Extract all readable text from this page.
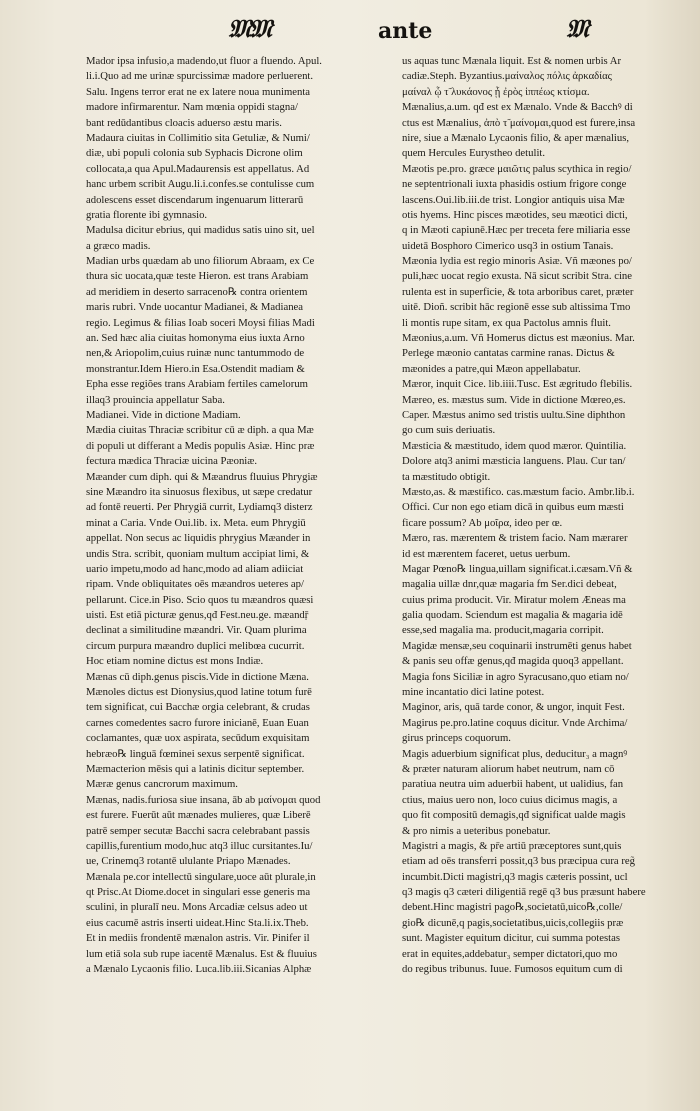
𝔐𝔐	ante	𝔐
Mador ipsa infusio,a madendo,ut fluor a fluendo. Apul.
li.i.Quo ad me urinæ spurcissimæ madore perluerent.
Salu. Ingens terror erat ne ex latere noua munimenta
madore infirmarentur. Nam mœnia oppidi stagna/
bant redūdantibus cloacis aduerso æstu maris.
Madaura ciuitas in Collimitio sita Getuliæ, & Numi/
diæ, ubi populi colonia sub Syphacis Dicrone olim
collocata,a qua Apul.Madaurensis est appellatus. Ad
hanc urbem scribit Augu.li.i.confes.se contulisse cum
adolescens esset discendarum ingenuarum litterarū
gratia florente ibi gymnasio.
Madulsa dicitur ebrius, qui madidus satis uino sit, uel
a græco madis.
Madian urbs quædam ab uno filiorum Abraam, ex Ce
thura sic uocata,quæ teste Hieron. est trans Arabiam
ad meridiem in deserto sarraceno℞ contra orientem
maris rubri. Vnde uocantur Madianei, & Madianea
regio. Legimus & filias Ioab soceri Moysi filias Madi
an. Sed hæc alia ciuitas homonyma eius iuxta Arno
nen,& Ariopolim,cuius ruinæ nunc tantummodo de
monstrantur.Idem Hiero.in Esa.Ostendit madiam &
Epha esse regiões trans Arabiam fertiles camelorum
illaq3 prouincia appellatur Saba.
Madianei. Vide in dictione Madiam.
Mædia ciuitas Thraciæ scribitur cū æ diph. a qua Mæ
di populi ut differant a Medis populis Asiæ. Hinc præ
fectura mædica Thraciæ uicina Pæoniæ.
Mæander cum diph. qui & Mæandrus fluuius Phrygiæ
sine Mæandro ita sinuosus flexibus, ut sæpe credatur
ad fontē reuerti. Per Phrygiā currit, Lydiamq3 disterz
minat a Caria. Vnde Oui.lib. ix. Meta. eum Phrygiū
appellat. Non secus ac liquidis phrygius Mæander in
undis Stra. scribit, quoniam multum accipiat limi, &
uario impetu,modo ad hanc,modo ad aliam adiiciat
ripam. Vnde obliquitates oēs mæandros ueteres ap/
pellarunt. Cice.in Piso. Scio quos tu mæandros quæsi
uisti. Est etiā picturæ genus,qđ Fest.neu.ge. mæandṝ
declinat a similitudine mæandri. Vir. Quam plurima
circum purpura mæandro duplici melibœa cucurrit.
Hoc etiam nomine dictus est mons Indiæ.
Mænas cū diph.genus piscis.Vide in dictione Mæna.
Mænoles dictus est Dionysius,quod latine totum furē
tem significat, cui Bacchæ orgia celebrant, & crudas
carnes comedentes sacro furore inicianē, Euan Euan
coclamantes, quæ uox aspirata, secūdum exquisitam
hebræo℞ linguā fœminei sexus serpentē significat.
Mæmacterion mēsis qui a latinis dicitur september.
Mæræ genus cancrorum maximum.
Mænas, nadis.furiosa siue insana, āb ab μαίνομαι quod
est furere. Fuerūt aūt mænades mulieres, quæ Liberē
patrē semper secutæ Bacchi sacra celebrabant passis
capillis,furentium modo,huc atq3 illuc cursitantes.Iu/
ue, Crinemq3 rotantē ululante Priapo Mænades.
Mænala pe.cor intellectū singulare,uoce aūt plurale,in
qt Prisc.At Diome.docet in singulari esse generis ma
sculini, in pluralī neu. Mons Arcadiæ celsus adeo ut
eius cacumē astris inserti uideat.Hinc Sta.li.ix.Theb.
Et in mediis frondentē mænalon astris. Vir. Pinifer il
lum etiā sola sub rupe iacentē Mænalus. Est & fluuius
a Mænalo Lycaonis filio. Luca.lib.iii.Sicanias Alphæ
us aquas tunc Mænala liquit. Est & nomen urbis Ar
cadiæ.Steph. Byzantius.μαίναλος πόλις ἀρκαδίας
μαίναλ ᾧ τ̃ λυκάονος ᾗ ἐρὸς ἱππέως κτίσμα.
Mænalius,a.um. qđ est ex Mænalo. Vnde & Bacchꝰ di
ctus est Mænalius, ἀπὸ τ̃ μαίνομαι,quod est furere,insa
nire, siue a Mænalo Lycaonis filio, & aper mænalius,
quem Hercules Eurystheo detulit.
Mæotis pe.pro. græce μαιῶτις palus scythica in regio/
ne septentrionali iuxta phasidis ostium frigore conge
lascens.Oui.lib.iii.de trist. Longior antiquis uisa Mæ
otis hyems. Hinc pisces mæotides, seu mæotici dicti,
q in Mæoti capiunē.Hæc per treceta fere miliaria esse
uidetā Bosphoro Cimerico usq3 in ostium Tanais.
Mæonia lydia est regio minoris Asiæ. Vñ mæones po/
puli,hæc uocat regio exusta. Nā sicut scribit Stra. cine
rulenta est in superficie, & tota arboribus caret, præter
uitē. Dioñ. scribit hāc regionē esse sub altissima Tmo
li montis rupe sitam, ex qua Pactolus amnis fluit.
Mæonius,a.um. Vñ Homerus dictus est mæonius. Mar.
Perlege mæonio cantatas carmine ranas. Dictus &
mæonides a patre,qui Mæon appellabatur.
Mæror, inquit Cice. lib.iiii.Tusc. Est ægritudo flebilis.
Mæreo, es. mæstus sum. Vide in dictione Mœreo,es.
Caper. Mæstus animo sed tristis uultu.Sine diphthon
go cum suis deriuatis.
Mæsticia & mæstitudo, idem quod mæror. Quintilia.
Dolore atq3 animi mæsticia languens. Plau. Cur tan/
ta mæstitudo obtigit.
Mæsto,as. & mæstifico. cas.mæstum facio. Ambr.lib.i.
Offici. Cur non ego etiam dicā in quibus eum mæsti
ficare possum? Ab μοῖρα, ideo per œ.
Mæro, ras. mærentem & tristem facio. Nam mærarer
id est mærentem faceret, uetus uerbum.
Magar Pœno℞ lingua,uillam significat.i.cæsam.Vñ &
magalia uillæ dnr,quæ magaria fm Ser.dici debeat,
cuius prima producit. Vir. Miratur molem Æneas ma
galia quodam. Sciendum est magalia & magaria idē
esse,sed magalia ma. producit,magaria corripit.
Magidæ mensæ,seu coquinarii instrumēti genus habet
& panis seu offæ genus,qđ magida quoq3 appellant.
Magia fons Siciliæ in agro Syracusano,quo etiam no/
mine incantatio dici latine potest.
Maginor, aris, quā tarde conor, & ungor, inquit Fest.
Magirus pe.pro.latine coquus dicitur. Vnde Archima/
girus princeps coquorum.
Magis aduerbium significat plus, deducitur₃ a magnꝰ
& præter naturam aliorum habet neutrum, nam cō
paratiua neutra uim aduerbii habent, ut ualidius, fan
ctius, maius uero non, loco cuius dicimus magis, a
quo fit compositū demagis,qđ significat ualde magis
& pro nimis a ueteribus ponebatur.
Magistri a magis, & pr̄e artiū præceptores sunt,quis
etiam ad oēs transferri possit,q3 bus præcipua cura reg̃
incumbit.Dicti magistri,q3 magis cæteris possint, ucl
q3 magis q3 cæteri diligentiā regē q3 bus præsunt habere
debent.Hinc magistri pago℞,societatū,uico℞,colle/
gio℞ dicunē,q pagis,societatibus,uicis,collegiis præ
sunt. Magister equitum dicitur, cui summa potestas
erat in equites,addebatur₃ semper dictatori,quo mo
do regibus tribunus. Iuue. Fumosos equitum cum di
